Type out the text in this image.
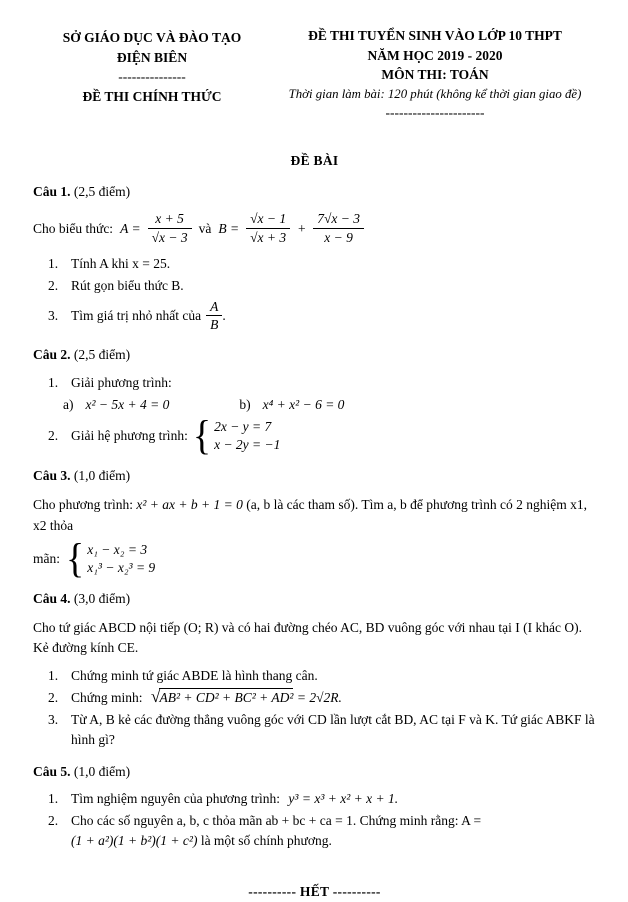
SỞ GIÁO DỤC VÀ ĐÀO TẠO
ĐIỆN BIÊN
---------------
ĐỀ THI CHÍNH THỨC
ĐỀ THI TUYỂN SINH VÀO LỚP 10 THPT
NĂM HỌC 2019 - 2020
MÔN THI: TOÁN
Thời gian làm bài: 120 phút (không kể thời gian giao đề)
----------------------
ĐỀ BÀI
Câu 1. (2,5 điểm)
Cho biểu thức: $A = \frac{x + 5}{√x - 3}$ và $B = \frac{√x - 1}{√x + 3} + \frac{7√x - 3}{x - 9}$
1. Tính A khi x = 25.
2. Rút gọn biểu thức B.
3. Tìm giá trị nhỏ nhất của $\frac{A}{B}$ .
Câu 2. (2,5 điểm)
1. Giải phương trình:
a) x² − 5x + 4 = 0	b) x⁴ + x² − 6 = 0
2. Giải hệ phương trình: { 2x − y = 7
x − 2y = −1
Câu 3. (1,0 điểm)
Cho phương trình: x² + ax + b + 1 = 0 (a, b là các tham số). Tìm a, b để phương trình có 2 nghiệm x1, x2 thỏa
mãn: { x₁ − x₂ = 3
x₁³ − x₂³ = 9
Câu 4. (3,0 điểm)
Cho tứ giác ABCD nội tiếp (O; R) và có hai đường chéo AC, BD vuông góc với nhau tại I (I khác O). Kẻ đường kính CE.
1. Chứng minh tứ giác ABDE là hình thang cân.
2. Chứng minh: √AB² + CD² + BC² + AD² = 2√2R.
3. Từ A, B kẻ các đường thẳng vuông góc với CD lần lượt cắt BD, AC tại F và K. Tứ giác ABKF là hình gì?
Câu 5. (1,0 điểm)
1. Tìm nghiệm nguyên của phương trình: y³ = x³ + x² + x + 1.
2. Cho các số nguyên a, b, c thỏa mãn ab + bc + ca = 1. Chứng minh rằng: A = (1 + a²)(1 + b²)(1 + c²) là một số chính phương.
---------- HẾT ----------
